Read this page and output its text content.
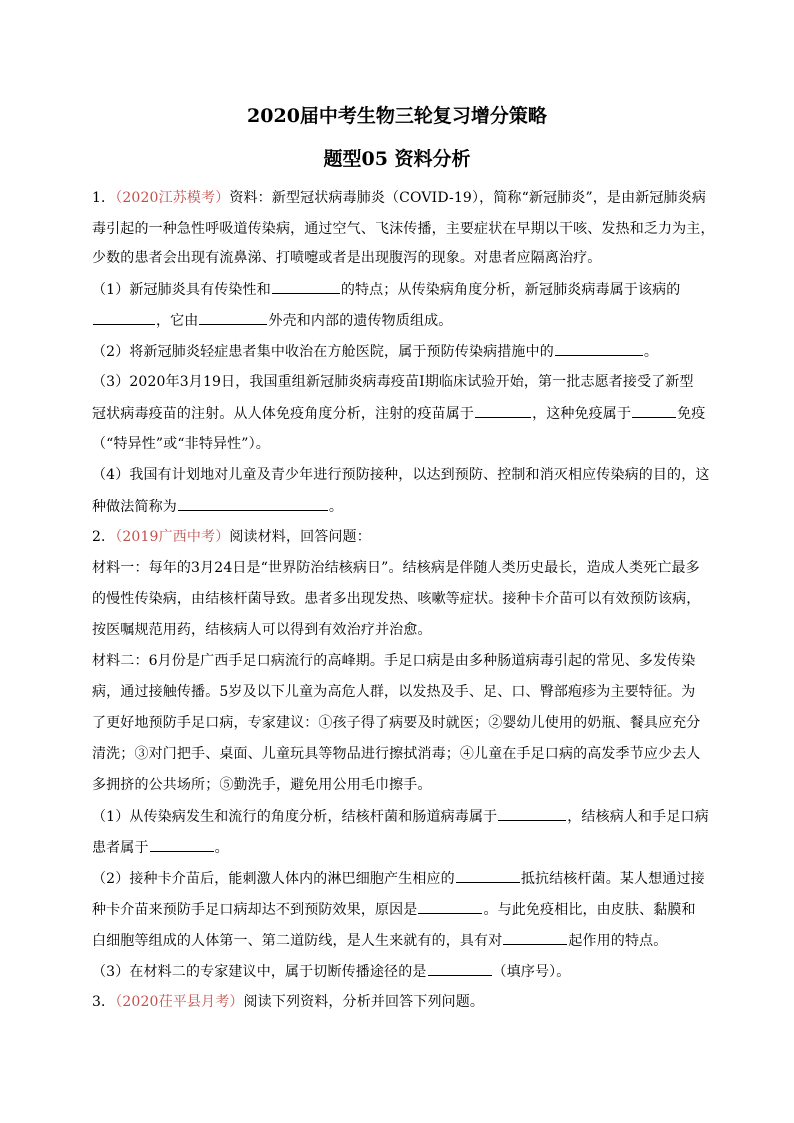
2020届中考生物三轮复习增分策略
题型05 资料分析
1．（2020江苏模考）资料：新型冠状病毒肺炎（COVID-19），简称“新冠肺炎”，是由新冠肺炎病
毒引起的一种急性呼吸道传染病，通过空气、飞沫传播，主要症状在早期以干咳、发热和乏力为主，
少数的患者会出现有流鼻涕、打喷嚏或者是出现腹泻的现象。对患者应隔离治疗。
（1）新冠肺炎具有传染性和	的特点；从传染病角度分析，新冠肺炎病毒属于该病的
，它由	外壳和内部的遗传物质组成。
（2）将新冠肺炎轻症患者集中收治在方舱医院，属于预防传染病措施中的	。
（3）2020年3月19日，我国重组新冠肺炎病毒疫苗Ⅰ期临床试验开始，第一批志愿者接受了新型
冠状病毒疫苗的注射。从人体免疫角度分析，注射的疫苗属于	，这种免疫属于	免疫
（“特异性”或“非特异性”）。
（4）我国有计划地对儿童及青少年进行预防接种，以达到预防、控制和消灭相应传染病的目的，这
种做法简称为	。
2．（2019广西中考）阅读材料，回答问题：
材料一：每年的3月24日是“世界防治结核病日”。结核病是伴随人类历史最长，造成人类死亡最多
的慢性传染病，由结核杆菌导致。患者多出现发热、咳嗽等症状。接种卡介苗可以有效预防该病，
按医嘱规范用药，结核病人可以得到有效治疗并治愈。
材料二：6月份是广西手足口病流行的高峰期。手足口病是由多种肠道病毒引起的常见、多发传染
病，通过接触传播。5岁及以下儿童为高危人群，以发热及手、足、口、臀部疱疹为主要特征。为
了更好地预防手足口病，专家建议：①孩子得了病要及时就医；②婴幼儿使用的奶瓶、餐具应充分
清洗；③对门把手、桌面、儿童玩具等物品进行擦拭消毒；④儿童在手足口病的高发季节应少去人
多拥挤的公共场所；⑤勤洗手，避免用公用毛巾擦手。
（1）从传染病发生和流行的角度分析，结核杆菌和肠道病毒属于	，结核病人和手足口病
患者属于	。
（2）接种卡介苗后，能刺激人体内的淋巴细胞产生相应的	抵抗结核杆菌。某人想通过接
种卡介苗来预防手足口病却达不到预防效果，原因是	。与此免疫相比，由皮肤、黏膜和
白细胞等组成的人体第一、第二道防线，是人生来就有的，具有对	起作用的特点。
（3）在材料二的专家建议中，属于切断传播途径的是	（填序号）。
3．（2020茌平县月考）阅读下列资料，分析并回答下列问题。
